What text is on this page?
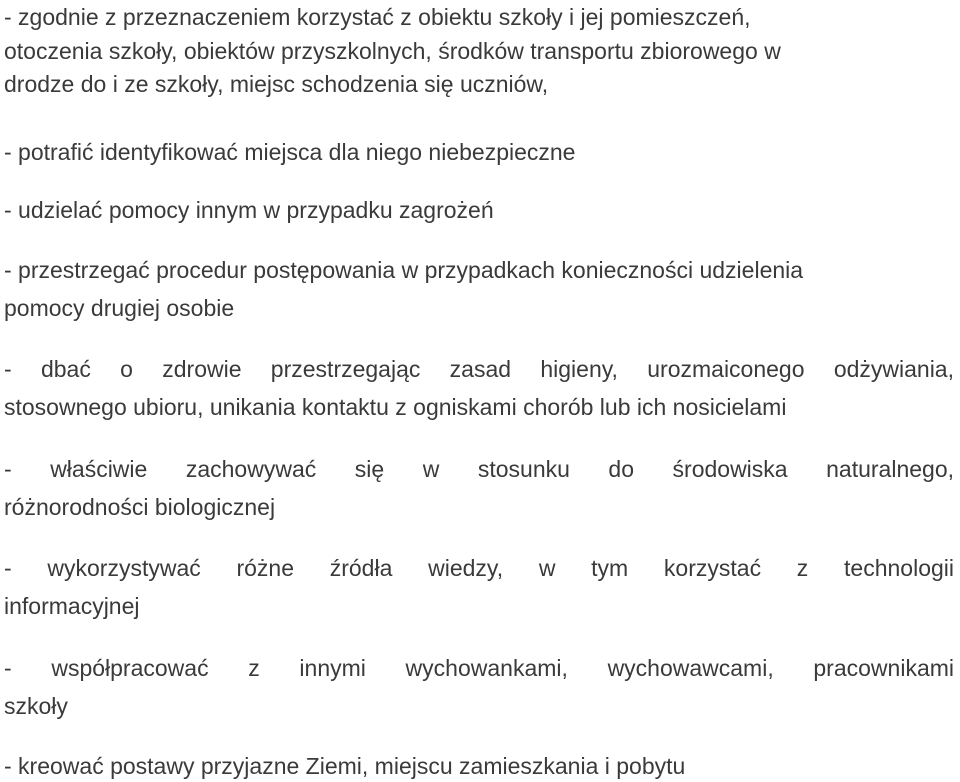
- zgodnie z przeznaczeniem korzystać z obiektu szkoły i jej pomieszczeń,
otoczenia szkoły, obiektów przyszkolnych, środków transportu zbiorowego w
drodze do i ze szkoły, miejsc schodzenia się uczniów,
- potrafić identyfikować miejsca dla niego niebezpieczne
- udzielać pomocy innym w przypadku zagrożeń
- przestrzegać procedur postępowania w przypadkach konieczności udzielenia
pomocy drugiej osobie
- dbać o zdrowie przestrzegając zasad higieny, urozmaiconego odżywiania,
stosownego ubioru, unikania kontaktu z ogniskami chorób lub ich nosicielami
- właściwie zachowywać się w stosunku do środowiska naturalnego,
różnorodności biologicznej
- wykorzystywać różne źródła wiedzy, w tym korzystać z technologii
informacyjnej
- współpracować z innymi wychowankami, wychowawcami, pracownikami
szkoły
- kreować postawy przyjazne Ziemi, miejscu zamieszkania i pobytu
